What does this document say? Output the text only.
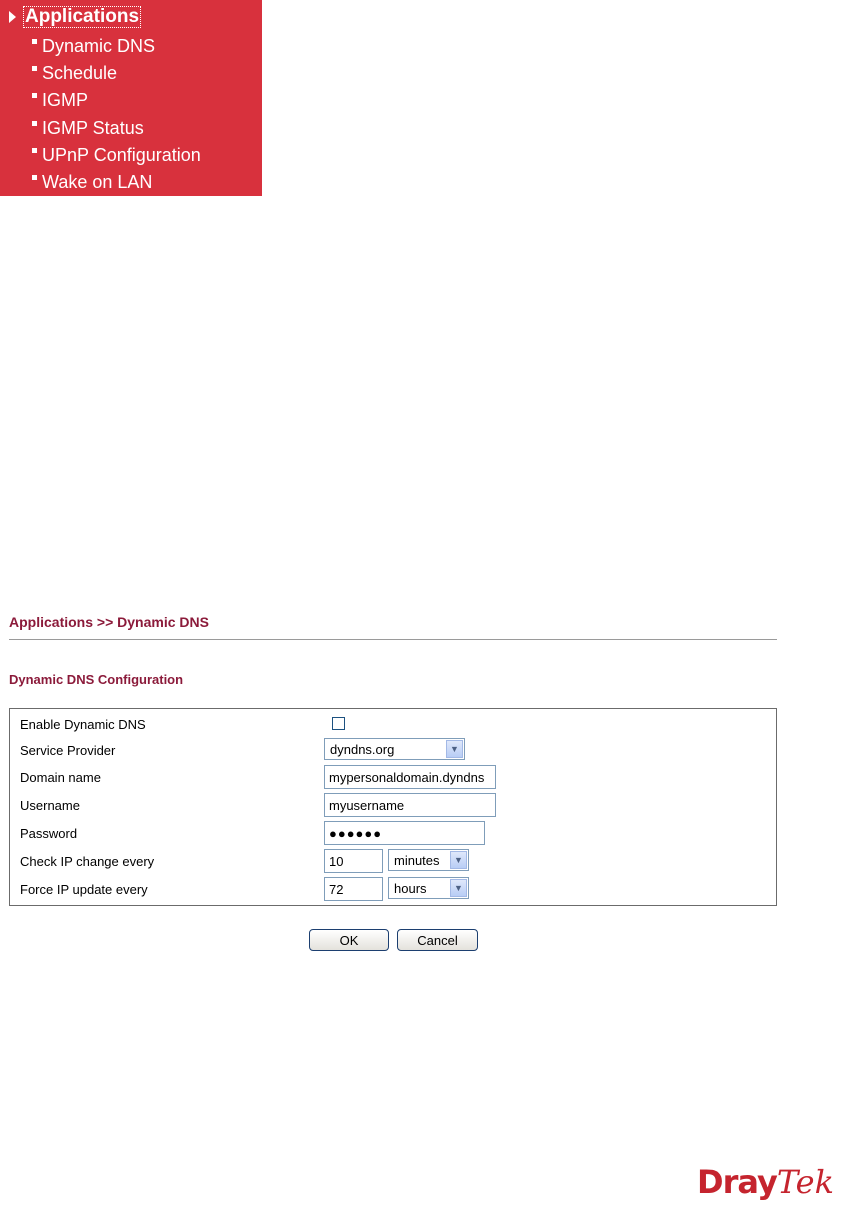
Applications
Dynamic DNS
Schedule
IGMP
IGMP Status
UPnP Configuration
Wake on LAN
Applications >> Dynamic DNS
Dynamic DNS Configuration
Enable Dynamic DNS
Service Provider	dyndns.org	▼
Domain name	mypersonaldomain.dyndns
Username	myusername
Password	●●●●●●
Check IP change every	10	minutes	▼
Force IP update every	72	hours	▼
OK	Cancel
DrayTek
